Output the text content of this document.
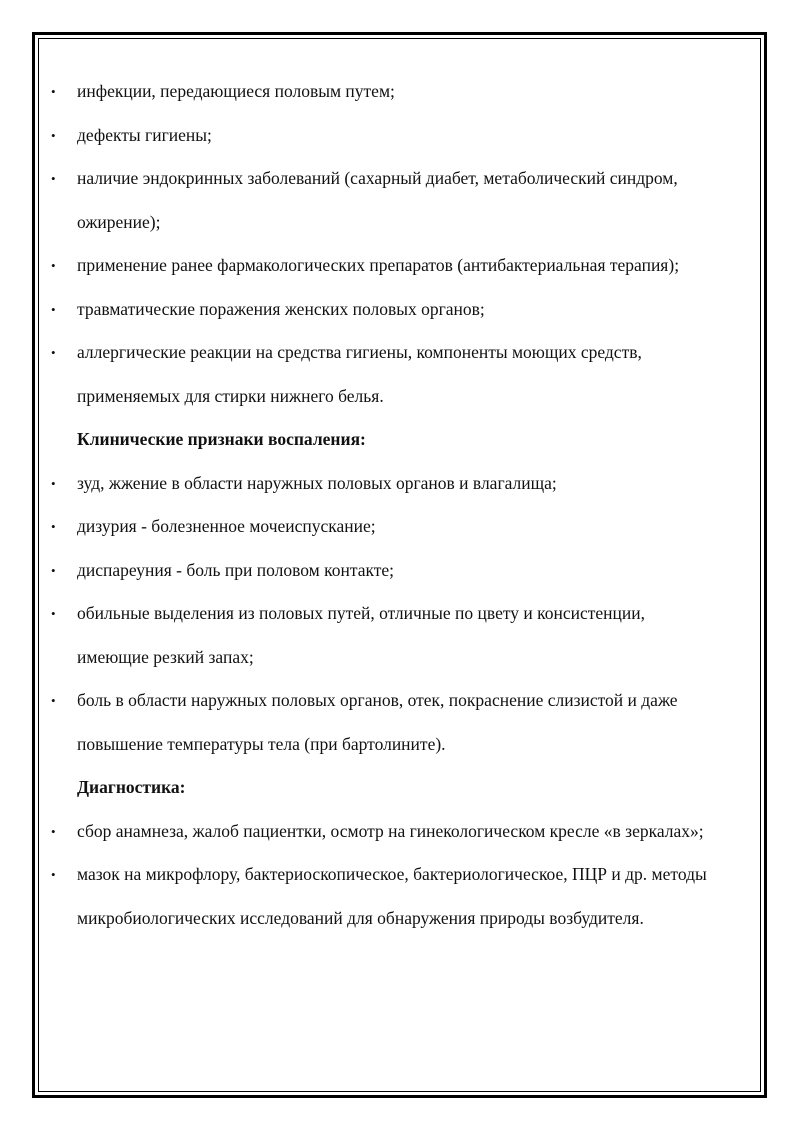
• инфекции, передающиеся половым путем;
• дефекты гигиены;
• наличие эндокринных заболеваний (сахарный диабет, метаболический синдром, ожирение);
• применение ранее фармакологических препаратов (антибактериальная терапия);
• травматические поражения женских половых органов;
• аллергические реакции на средства гигиены, компоненты моющих средств, применяемых для стирки нижнего белья.

Клинические признаки воспаления:

• зуд, жжение в области наружных половых органов и влагалища;
• дизурия - болезненное мочеиспускание;
• диспареуния - боль при половом контакте;
• обильные выделения из половых путей, отличные по цвету и консистенции, имеющие резкий запах;
• боль в области наружных половых органов, отек, покраснение слизистой и даже повышение температуры тела (при бартолините).

Диагностика:

• сбор анамнеза, жалоб пациентки, осмотр на гинекологическом кресле «в зеркалах»;
• мазок на микрофлору, бактериоскопическое, бактериологическое, ПЦР и др. методы микробиологических исследований для обнаружения природы возбудителя.
